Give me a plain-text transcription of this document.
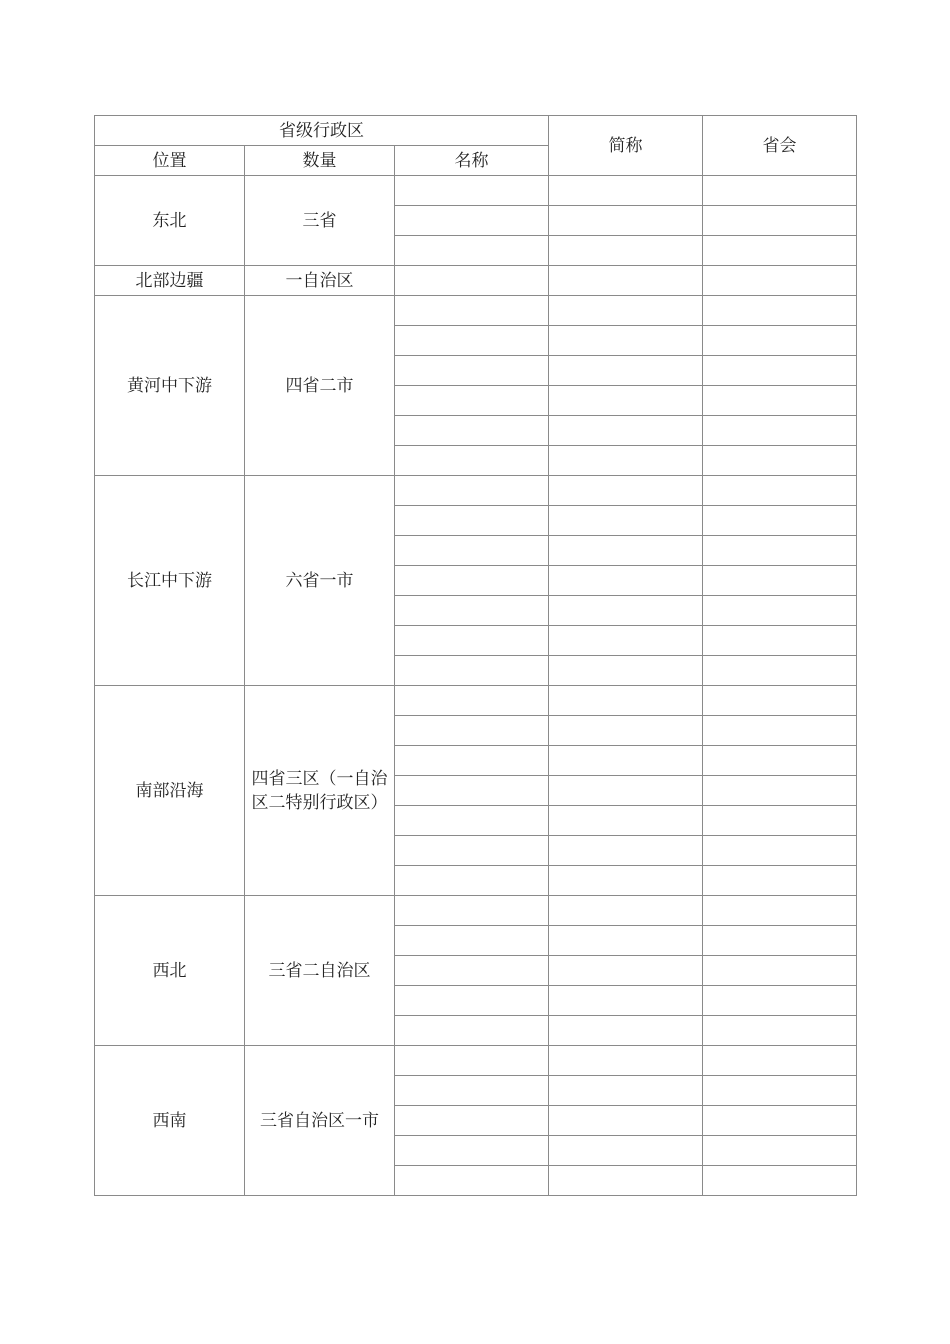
省级行政区			简称	省会
位置	数量	名称		
东北	三省			

北部边疆	一自治区			
黄河中下游	四省二市			

长江中下游	六省一市			

南部沿海	四省三区（一自治区二特别行政区）			

西北	三省二自治区			

西南	三省自治区一市			
